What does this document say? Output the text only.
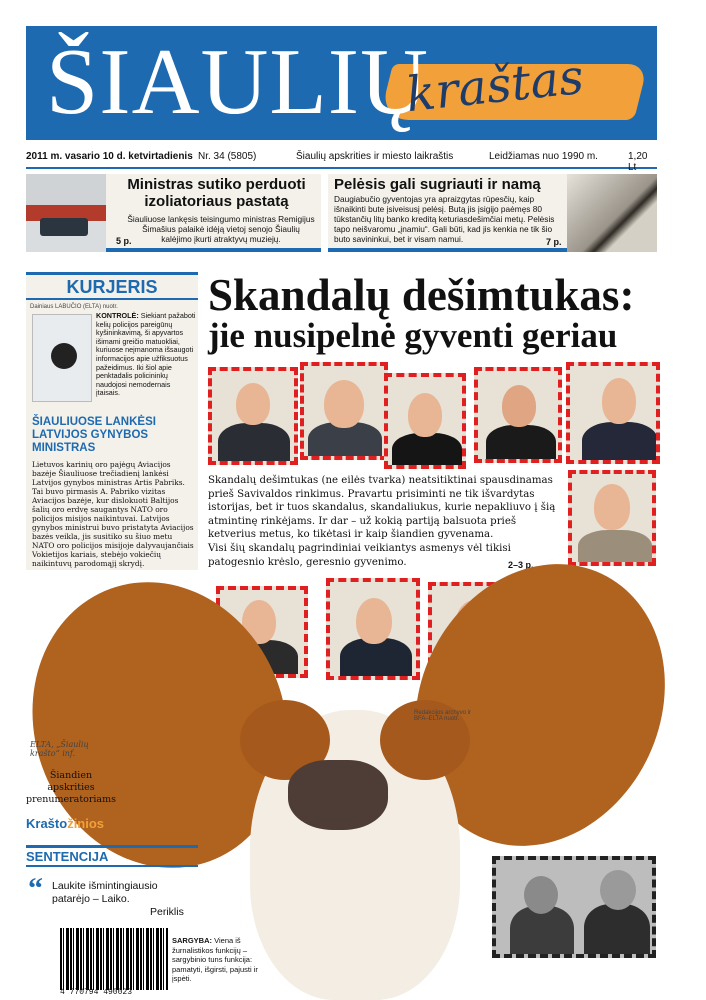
ŠIAULIŲ
kraštas
2011 m. vasario 10 d. ketvirtadienis Nr. 34 (5805)	Šiaulių apskrities ir miesto laikraštis	Leidžiamas nuo 1990 m.	1,20 Lt
Ministras sutiko perduoti izoliatoriaus pastatą

Šiauliuose lankęsis teisingumo ministras Remigijus Šimašius palaikė idėją vietoj senojo Šiaulių kalėjimo įkurti atraktyvų muziejų.

5 p.
Pelėsis gali sugriauti ir namą

Daugiabučio gyventojas yra apraizgytas rūpesčių, kaip išnaikinti bute įsiveisusį pelėsį. Butą jis įsigijo paėmęs 80 tūkstančių litų banko kreditą keturiasdešimčiai metų. Pelėsis tapo neišvaromu „įnamiu“. Gali būti, kad jis kenkia ne tik šio buto savininkui, bet ir visam namui.	7 p.
KURJERIS
Dainiaus LABUČIO (ELTA) nuotr.
KONTROLĖ: Siekiant pažaboti kelių policijos pareigūnų kyšininkavimą, ši apyvartos išimami greičio matuokliai, kuriuose neįmanoma išsaugoti informacijos apie užfiksuotus pažeidimus. Iki šiol apie penktadalis policininkų naudojosi nemodernais įtaisais.
ŠIAULIUOSE LANKĖSI LATVIJOS GYNYBOS MINISTRAS
Lietuvos karinių oro pajėgų Aviacijos bazėje Šiauliuose trečiadienį lankėsi Latvijos gynybos ministras Artis Pabriks. Tai buvo pirmasis A. Pabriko vizitas Aviacijos bazėje, kur dislokuoti Baltijos šalių oro erdvę saugantys NATO oro policijos misijos naikintuvai. Latvijos gynybos ministrui buvo pristatyta Aviacijos bazės veikla, jis susitiko su šiuo metu NATO oro policijos misijoje dalyvaujančiais Vokietijos kariais, stebėjo vokiečių naikintuvų parodomąjį skrydį.
Skandalų dešimtukas:
jie nusipelnė gyventi geriau
Skandalų dešimtukas (ne eilės tvarka) neatsitiktinai spausdinamas prieš Savivaldos rinkimus. Pravartu prisiminti ne tik išvardytas istorijas, bet ir tuos skandalus, skandaliukus, kurie nepakliuvo į šią atmintinę rinkėjams. Ir dar – už kokią partiją balsuota prieš ketverius metus, ko tikėtasi ir kaip šiandien gyvenama.
Visi šių skandalų pagrindiniai veikiantys asmenys vėl tikisi patogesnio krėslo, geresnio gyvenimo.	2–3 p.
Redakcijos archyvo ir BFA–ELTA nuotr.
ELTA, „Šiaulių krašto“ inf.
Šiandien apskrities prenumeratoriams
Kraštožinios
SENTENCIJA
“ Laukite išmintingiausio patarėjo – Laiko.
Periklis
4 770794 490023
SARGYBA: Viena iš žurnalistikos funkcijų – sargybinio tuns funkcija: pamatyti, išgirsti, pajusti ir įspėti.
